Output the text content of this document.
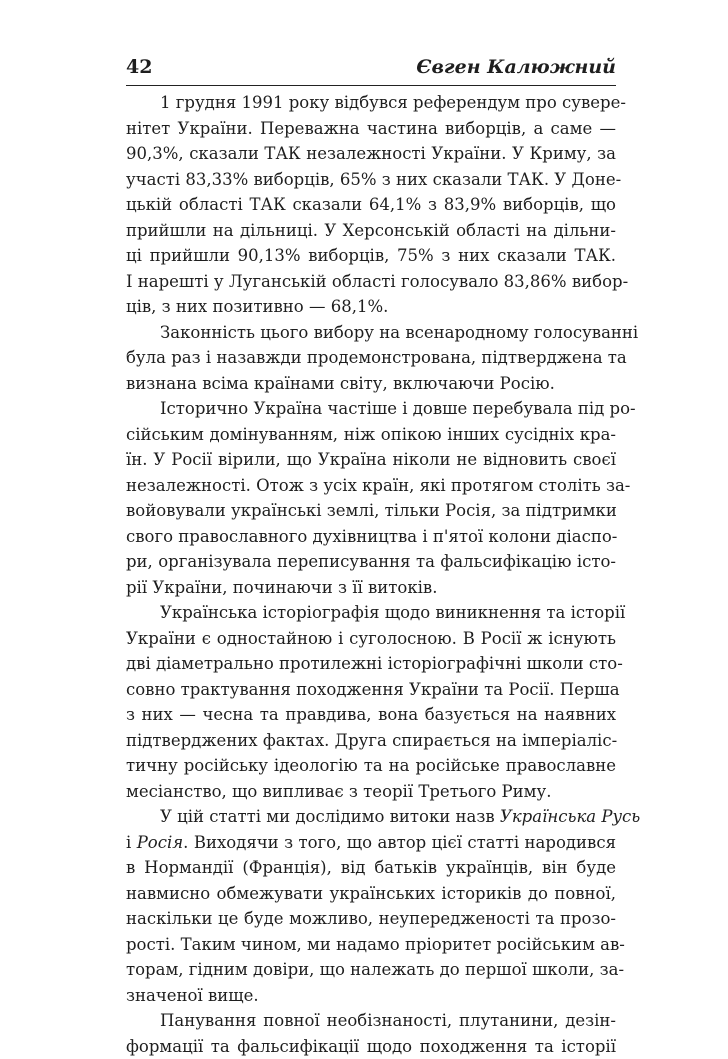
42	Євген Калюжний
1 грудня 1991 року відбувся референдум про сувере-
нітет України. Переважна частина виборців, а саме —
90,3%, сказали ТАК незалежності України. У Криму, за
участі 83,33% виборців, 65% з них сказали ТАК. У Доне-
цькій області ТАК сказали 64,1% з 83,9% виборців, що
прийшли на дільниці. У Херсонській області на дільни-
ці прийшли 90,13% виборців, 75% з них сказали ТАК.
І нарешті у Луганській області голосувало 83,86% вибор-
ців, з них позитивно — 68,1%.
Законність цього вибору на всенародному голосуванні
була раз і назавжди продемонстрована, підтверджена та
визнана всіма країнами світу, включаючи Росію.
Історично Україна частіше і довше перебувала під ро-
сійським домінуванням, ніж опікою інших сусідніх кра-
їн. У Росії вірили, що Україна ніколи не відновить своєї
незалежності. Отож з усіх країн, які протягом століть за-
войовували українські землі, тільки Росія, за підтримки
свого православного духівництва і п'ятої колони діаспо-
ри, організувала переписування та фальсифікацію істо-
рії України, починаючи з її витоків.
Українська історіографія щодо виникнення та історії
України є одностайною і суголосною. В Росії ж існують
дві діаметрально протилежні історіографічні школи сто-
совно трактування походження України та Росії. Перша
з них — чесна та правдива, вона базується на наявних
підтверджених фактах. Друга спирається на імперіаліс-
тичну російську ідеологію та на російське православне
месіанство, що випливає з теорії Третього Риму.
У цій статті ми дослідимо витоки назв Українська Русь
і Росія. Виходячи з того, що автор цієї статті народився
в Нормандії (Франція), від батьків українців, він буде
навмисно обмежувати українських істориків до повної,
наскільки це буде можливо, неупередженості та прозо-
рості. Таким чином, ми надамо пріоритет російським ав-
торам, гідним довіри, що належать до першої школи, за-
значеної вище.
Панування повної необізнаності, плутанини, дезін-
формації та фальсифікації щодо походження та історії
